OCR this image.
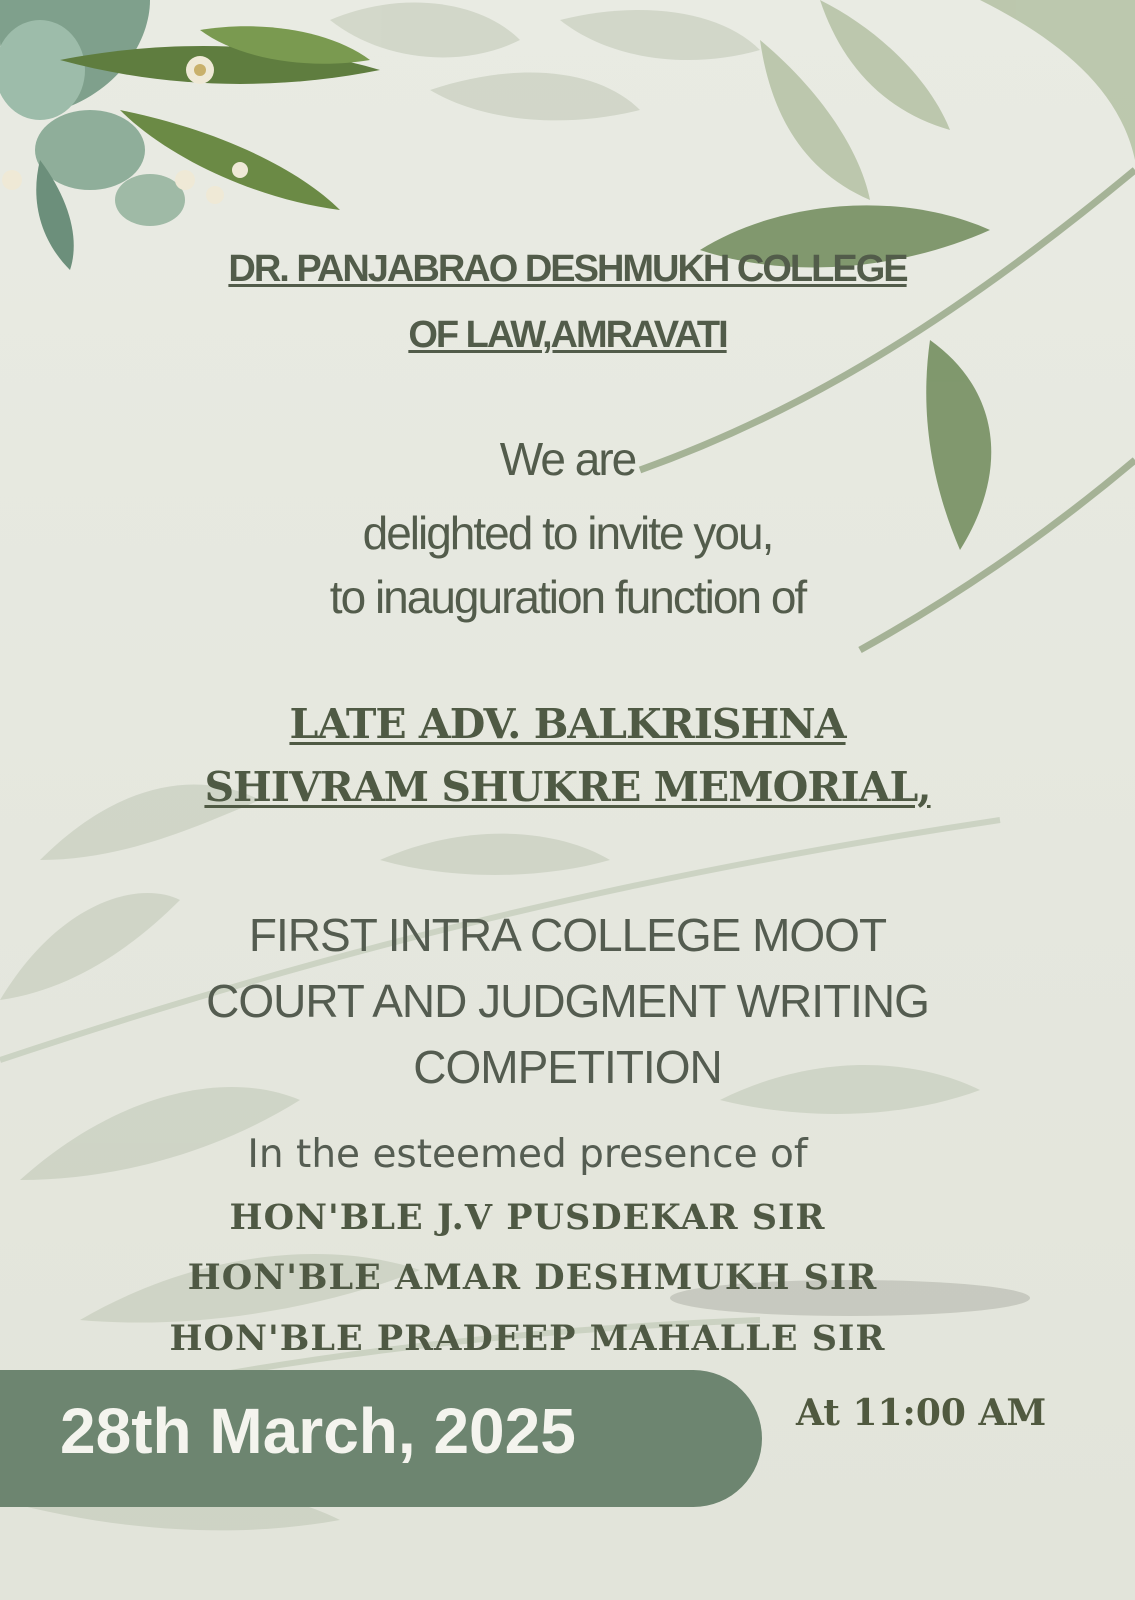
DR. PANJABRAO DESHMUKH COLLEGE

OF LAW,AMRAVATI

We are

delighted to invite you,

to inauguration function of

LATE ADV. BALKRISHNA

SHIVRAM SHUKRE MEMORIAL,

FIRST INTRA COLLEGE MOOT

COURT AND JUDGMENT WRITING

COMPETITION

In the esteemed presence of

HON'BLE J.V PUSDEKAR SIR

HON'BLE AMAR DESHMUKH SIR

HON'BLE PRADEEP MAHALLE SIR

28th March, 2025	At 11:00 AM
